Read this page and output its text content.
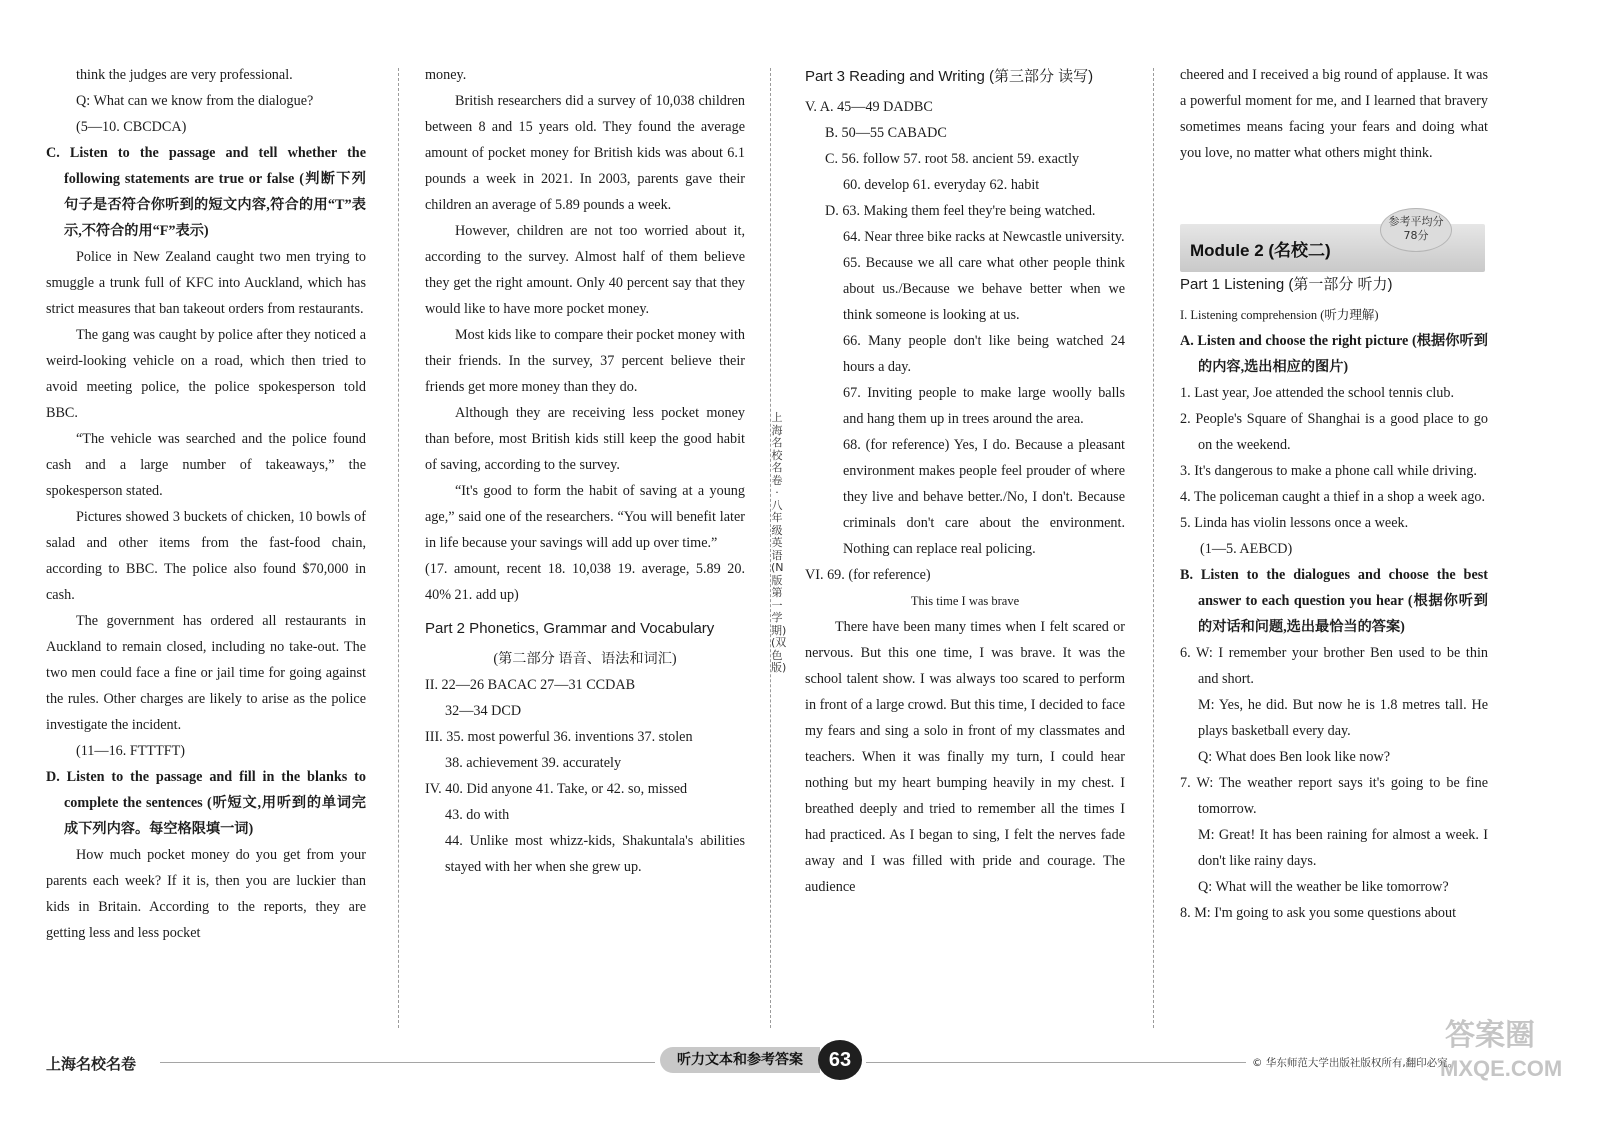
think the judges are very professional.

Q: What can we know from the dialogue?

(5—10. CBCDCA)

C. Listen to the passage and tell whether the following statements are true or false (判断下列句子是否符合你听到的短文内容,符合的用“T”表示,不符合的用“F”表示)

Police in New Zealand caught two men trying to smuggle a trunk full of KFC into Auckland, which has strict measures that ban takeout orders from restaurants.

The gang was caught by police after they noticed a weird-looking vehicle on a road, which then tried to avoid meeting police, the police spokesperson told BBC.

“The vehicle was searched and the police found cash and a large number of takeaways,” the spokesperson stated.

Pictures showed 3 buckets of chicken, 10 bowls of salad and other items from the fast-food chain, according to BBC. The police also found $70,000 in cash.

The government has ordered all restaurants in Auckland to remain closed, including no take-out. The two men could face a fine or jail time for going against the rules. Other charges are likely to arise as the police investigate the incident.

(11—16. FTTTFT)

D. Listen to the passage and fill in the blanks to complete the sentences (听短文,用听到的单词完成下列内容。每空格限填一词)

How much pocket money do you get from your parents each week? If it is, then you are luckier than kids in Britain. According to the reports, they are getting less and less pocket

money.

British researchers did a survey of 10,038 children between 8 and 15 years old. They found the average amount of pocket money for British kids was about 6.1 pounds a week in 2021. In 2003, parents gave their children an average of 5.89 pounds a week.

However, children are not too worried about it, according to the survey. Almost half of them believe they get the right amount. Only 40 percent say that they would like to have more pocket money.

Most kids like to compare their pocket money with their friends. In the survey, 37 percent believe their friends get more money than they do.

Although they are receiving less pocket money than before, most British kids still keep the good habit of saving, according to the survey.

“It's good to form the habit of saving at a young age,” said one of the researchers. “You will benefit later in life because your savings will add up over time.”

(17. amount, recent 18. 10,038 19. average, 5.89 20. 40% 21. add up)

Part 2 Phonetics, Grammar and Vocabulary

(第二部分 语音、语法和词汇)

II. 22—26 BACAC 27—31 CCDAB

32—34 DCD

III. 35. most powerful 36. inventions 37. stolen

38. achievement 39. accurately

IV. 40. Did anyone 41. Take, or 42. so, missed

43. do with

44. Unlike most whizz-kids, Shakuntala's abilities stayed with her when she grew up.

上海名校名卷·八年级英语(N版第一学期)(双色版)

Part 3 Reading and Writing (第三部分 读写)

V. A. 45—49 DADBC

B. 50—55 CABADC

C. 56. follow 57. root 58. ancient 59. exactly

60. develop 61. everyday 62. habit

D. 63. Making them feel they're being watched.

64. Near three bike racks at Newcastle university.

65. Because we all care what other people think about us./Because we behave better when we think someone is looking at us.

66. Many people don't like being watched 24 hours a day.

67. Inviting people to make large woolly balls and hang them up in trees around the area.

68. (for reference) Yes, I do. Because a pleasant environment makes people feel prouder of where they live and behave better./No, I don't. Because criminals don't care about the environment. Nothing can replace real policing.

VI. 69. (for reference)

This time I was brave

There have been many times when I felt scared or nervous. But this one time, I was brave. It was the school talent show. I was always too scared to perform in front of a large crowd. But this time, I decided to face my fears and sing a solo in front of my classmates and teachers. When it was finally my turn, I could hear nothing but my heart bumping heavily in my chest. I breathed deeply and tried to remember all the times I had practiced. As I began to sing, I felt the nerves fade away and I was filled with pride and courage. The audience

cheered and I received a big round of applause. It was a powerful moment for me, and I learned that bravery sometimes means facing your fears and doing what you love, no matter what others might think.

Part 1 Listening (第一部分 听力)

I. Listening comprehension (听力理解)

A. Listen and choose the right picture (根据你听到的内容,选出相应的图片)

1. Last year, Joe attended the school tennis club.

2. People's Square of Shanghai is a good place to go on the weekend.

3. It's dangerous to make a phone call while driving.

4. The policeman caught a thief in a shop a week ago.

5. Linda has violin lessons once a week.

(1—5. AEBCD)

B. Listen to the dialogues and choose the best answer to each question you hear (根据你听到的对话和问题,选出最恰当的答案)

6. W: I remember your brother Ben used to be thin and short.

M: Yes, he did. But now he is 1.8 metres tall. He plays basketball every day.

Q: What does Ben look like now?

7. W: The weather report says it's going to be fine tomorrow.

M: Great! It has been raining for almost a week. I don't like rainy days.

Q: What will the weather be like tomorrow?

8. M: I'm going to ask you some questions about

Module 2 (名校二)
参考平均分
78分
上海名校名卷	听力文本和参考答案	63	© 华东师范大学出版社版权所有,翻印必究。
答案圈
MXQE.COM
